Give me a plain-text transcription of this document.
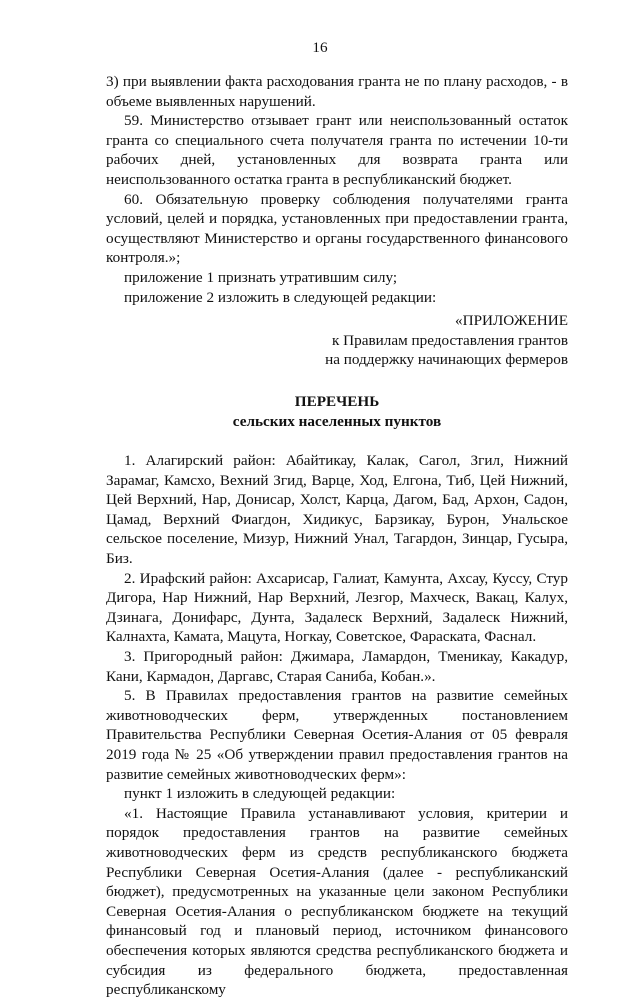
16

3) при выявлении факта расходования гранта не по плану расходов, - в объеме выявленных нарушений.

59. Министерство отзывает грант или неиспользованный остаток гранта со специального счета получателя гранта по истечении 10-ти рабочих дней, установленных для возврата гранта или неиспользованного остатка гранта в республиканский бюджет.

60. Обязательную проверку соблюдения получателями гранта условий, целей и порядка, установленных при предоставлении гранта, осуществляют Министерство и органы государственного финансового контроля.»;

приложение 1 признать утратившим силу;

приложение 2 изложить в следующей редакции:

«ПРИЛОЖЕНИЕ

к Правилам предоставления грантов

на поддержку начинающих фермеров

ПЕРЕЧЕНЬ

сельских населенных пунктов

1. Алагирский район: Абайтикау, Калак, Сагол, Згил, Нижний Зарамаг, Камсхо, Вехний Згид, Варце, Ход, Елгона, Тиб, Цей Нижний, Цей Верхний, Нар, Донисар, Холст, Карца, Дагом, Бад, Архон, Садон, Цамад, Верхний Фиагдон, Хидикус, Барзикау, Бурон, Унальское сельское поселение, Мизур, Нижний Унал, Тагардон, Зинцар, Гусыра, Биз.

2. Ирафский район: Ахсарисар, Галиат, Камунта, Ахсау, Куссу, Стур Дигора, Нар Нижний, Нар Верхний, Лезгор, Махческ, Вакац, Калух, Дзинага, Донифарс, Дунта, Задалеск Верхний, Задалеск Нижний, Калнахта, Камата, Мацута, Ногкау, Советское, Фараската, Фаснал.

3. Пригородный район: Джимара, Ламардон, Тменикау, Какадур, Кани, Кармадон, Даргавс, Старая Саниба, Кобан.».

5. В Правилах предоставления грантов на развитие семейных животноводческих ферм, утвержденных постановлением Правительства Республики Северная Осетия-Алания от 05 февраля 2019 года № 25 «Об утверждении правил предоставления грантов на развитие семейных животноводческих ферм»:

пункт 1 изложить в следующей редакции:

«1. Настоящие Правила устанавливают условия, критерии и порядок предоставления грантов на развитие семейных животноводческих ферм из средств республиканского бюджета Республики Северная Осетия-Алания (далее - республиканский бюджет), предусмотренных на указанные цели законом Республики Северная Осетия-Алания о республиканском бюджете на текущий финансовый год и плановый период, источником финансового обеспечения которых являются средства республиканского бюджета и субсидия из федерального бюджета, предоставленная республиканскому
